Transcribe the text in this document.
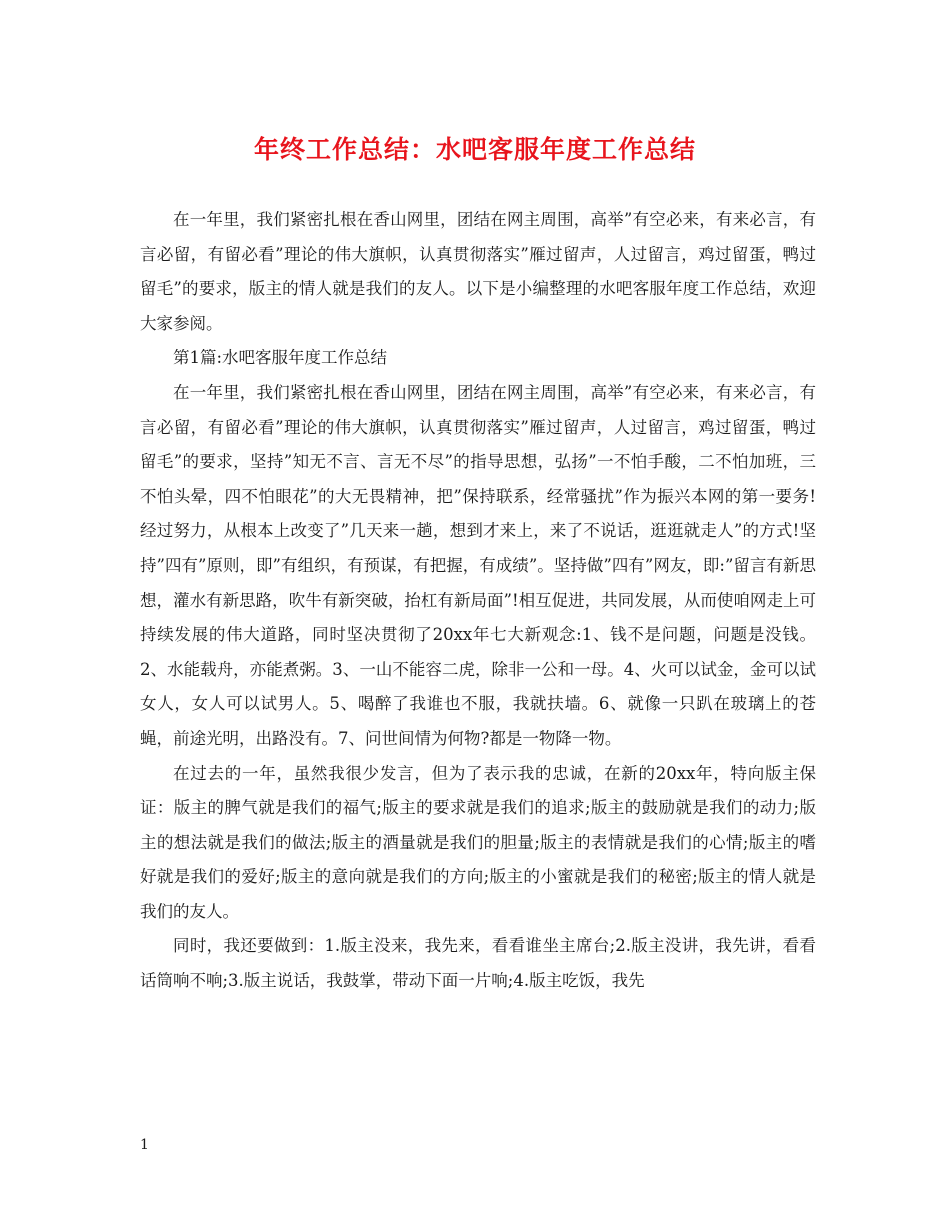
年终工作总结：水吧客服年度工作总结

在一年里，我们紧密扎根在香山网里，团结在网主周围，高举”有空必来，有来必言，有言必留，有留必看”理论的伟大旗帜，认真贯彻落实”雁过留声，人过留言，鸡过留蛋，鸭过留毛”的要求，版主的情人就是我们的友人。以下是小编整理的水吧客服年度工作总结，欢迎大家参阅。

第1篇:水吧客服年度工作总结

在一年里，我们紧密扎根在香山网里，团结在网主周围，高举”有空必来，有来必言，有言必留，有留必看”理论的伟大旗帜，认真贯彻落实”雁过留声，人过留言，鸡过留蛋，鸭过留毛”的要求，坚持”知无不言、言无不尽”的指导思想，弘扬”一不怕手酸，二不怕加班，三不怕头晕，四不怕眼花”的大无畏精神，把”保持联系，经常骚扰”作为振兴本网的第一要务! 经过努力，从根本上改变了”几天来一趟，想到才来上，来了不说话，逛逛就走人”的方式!坚持”四有”原则，即”有组织，有预谋，有把握，有成绩”。坚持做”四有”网友，即:”留言有新思想，灌水有新思路，吹牛有新突破，抬杠有新局面”!相互促进，共同发展，从而使咱网走上可持续发展的伟大道路，同时坚决贯彻了20xx年七大新观念:1、钱不是问题，问题是没钱。2、水能载舟，亦能煮粥。3、一山不能容二虎，除非一公和一母。4、火可以试金，金可以试女人，女人可以试男人。5、喝醉了我谁也不服，我就扶墙。6、就像一只趴在玻璃上的苍蝇，前途光明，出路没有。7、问世间情为何物?都是一物降一物。

在过去的一年，虽然我很少发言，但为了表示我的忠诚，在新的20xx年，特向版主保证：版主的脾气就是我们的福气;版主的要求就是我们的追求;版主的鼓励就是我们的动力;版主的想法就是我们的做法;版主的酒量就是我们的胆量;版主的表情就是我们的心情;版主的嗜好就是我们的爱好;版主的意向就是我们的方向;版主的小蜜就是我们的秘密;版主的情人就是我们的友人。

同时，我还要做到：1.版主没来，我先来，看看谁坐主席台;2.版主没讲，我先讲，看看话筒响不响;3.版主说话，我鼓掌，带动下面一片响;4.版主吃饭，我先

1
